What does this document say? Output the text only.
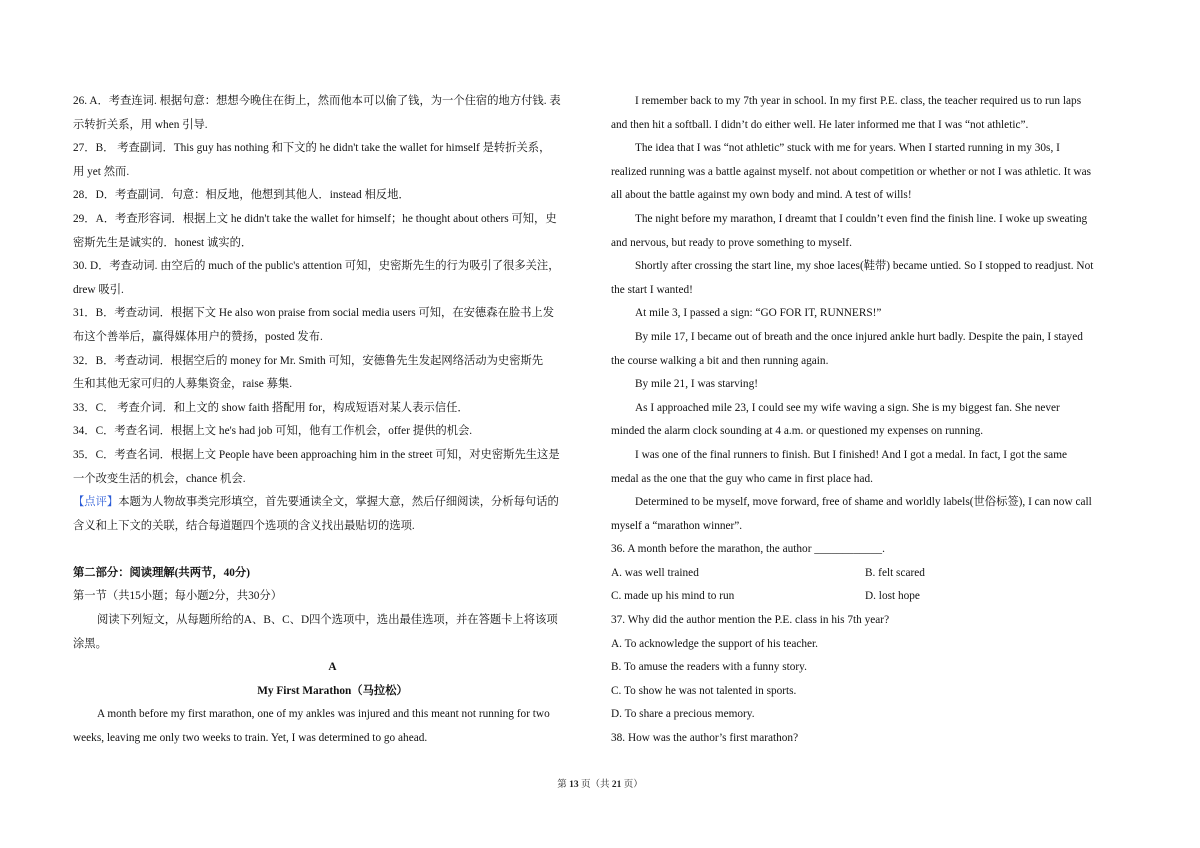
26. A．考查连词. 根据句意：想想今晚住在街上，然而他本可以偷了钱，为一个住宿的地方付钱. 表
示转折关系，用 when 引导.
27．B． 考查副词．This guy has nothing 和下文的 he didn't take the wallet for himself 是转折关系，
用 yet 然而.
28．D．考查副词．句意：相反地，他想到其他人．instead 相反地．
29．A．考查形容词．根据上文 he didn't take the wallet for himself；he thought about others 可知，史
密斯先生是诚实的．honest 诚实的．
30. D．考查动词. 由空后的 much of the public's attention 可知，史密斯先生的行为吸引了很多关注，
drew 吸引.
31．B．考查动词．根据下文 He also won praise from social media users 可知，在安德森在脸书上发
布这个善举后，赢得媒体用户的赞扬，posted 发布.
32．B．考查动词．根据空后的 money for Mr. Smith 可知，安德鲁先生发起网络活动为史密斯先
生和其他无家可归的人募集资金，raise 募集.
33．C． 考查介词．和上文的 show faith 搭配用 for，构成短语对某人表示信任．
34．C．考查名词．根据上文 he's had job 可知，他有工作机会，offer 提供的机会.
35．C．考查名词．根据上文 People have been approaching him in the street 可知，对史密斯先生这是
一个改变生活的机会，chance 机会.
【点评】本题为人物故事类完形填空，首先要通读全文，掌握大意，然后仔细阅读，分析每句话的
含义和上下文的关联，结合每道题四个选项的含义找出最贴切的选项.
第二部分：阅读理解(共两节，40分)
第一节（共15小题；每小题2分，共30分）
阅读下列短文，从每题所给的A、B、C、D四个选项中，选出最佳选项，并在答题卡上将该项
涂黑。
A
My First Marathon（马拉松）
A month before my first marathon, one of my ankles was injured and this meant not running for two
weeks, leaving me only two weeks to train. Yet, I was determined to go ahead.
I remember back to my 7th year in school. In my first P.E. class, the teacher required us to run laps
and then hit a softball. I didn’t do either well. He later informed me that I was “not athletic”.
The idea that I was “not athletic” stuck with me for years. When I started running in my 30s, I
realized running was a battle against myself. not about competition or whether or not I was athletic. It was
all about the battle against my own body and mind. A test of wills!
The night before my marathon, I dreamt that I couldn’t even find the finish line. I woke up sweating
and nervous, but ready to prove something to myself.
Shortly after crossing the start line, my shoe laces(鞋带) became untied. So I stopped to readjust. Not
the start I wanted!
At mile 3, I passed a sign: “GO FOR IT, RUNNERS!”
By mile 17, I became out of breath and the once injured ankle hurt badly. Despite the pain, I stayed
the course walking a bit and then running again.
By mile 21, I was starving!
As I approached mile 23, I could see my wife waving a sign. She is my biggest fan. She never
minded the alarm clock sounding at 4 a.m. or questioned my expenses on running.
I was one of the final runners to finish. But I finished! And I got a medal. In fact, I got the same
medal as the one that the guy who came in first place had.
Determined to be myself, move forward, free of shame and worldly labels(世俗标签), I can now call
myself a “marathon winner”.
36. A month before the marathon, the author ____________.
A. was well trained	B. felt scared
C. made up his mind to run	D. lost hope
37. Why did the author mention the P.E. class in his 7th year?
A. To acknowledge the support of his teacher.
B. To amuse the readers with a funny story.
C. To show he was not talented in sports.
D. To share a precious memory.
38. How was the author’s first marathon?
第 13 页（共 21 页）
